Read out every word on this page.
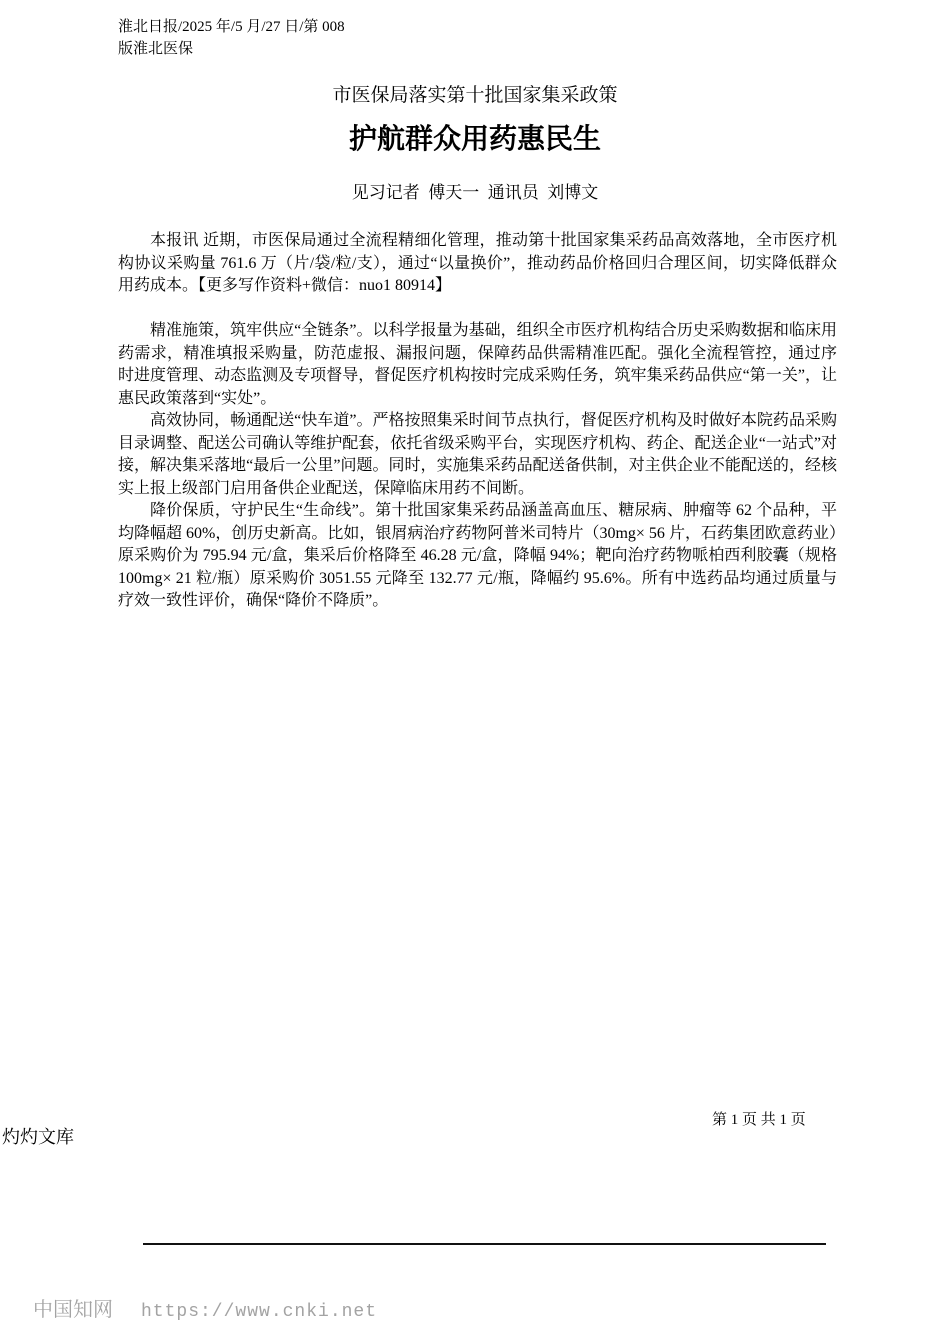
淮北日报/2025 年/5 月/27 日/第 008
版淮北医保
市医保局落实第十批国家集采政策
护航群众用药惠民生
见习记者  傅天一  通讯员  刘博文

本报讯 近期，市医保局通过全流程精细化管理，推动第十批国家集采药品高效落地，全市医疗机构协议采购量 761.6 万（片/袋/粒/支），通过“以量换价”，推动药品价格回归合理区间，切实降低群众用药成本。【更多写作资料+微信：nuo1 80914】

精准施策，筑牢供应“全链条”。以科学报量为基础，组织全市医疗机构结合历史采购数据和临床用药需求，精准填报采购量，防范虚报、漏报问题，保障药品供需精准匹配。强化全流程管控，通过序时进度管理、动态监测及专项督导，督促医疗机构按时完成采购任务，筑牢集采药品供应“第一关”，让惠民政策落到“实处”。

高效协同，畅通配送“快车道”。严格按照集采时间节点执行，督促医疗机构及时做好本院药品采购目录调整、配送公司确认等维护配套，依托省级采购平台，实现医疗机构、药企、配送企业“一站式”对接，解决集采落地“最后一公里”问题。同时，实施集采药品配送备供制，对主供企业不能配送的，经核实上报上级部门启用备供企业配送，保障临床用药不间断。

降价保质，守护民生“生命线”。第十批国家集采药品涵盖高血压、糖尿病、肿瘤等 62 个品种，平均降幅超 60%，创历史新高。比如，银屑病治疗药物阿普米司特片（30mg× 56 片，石药集团欧意药业）原采购价为 795.94 元/盒，集采后价格降至 46.28 元/盒，降幅 94%；靶向治疗药物哌柏西利胶囊（规格 100mg× 21 粒/瓶）原采购价 3051.55 元降至 132.77 元/瓶，降幅约 95.6%。所有中选药品均通过质量与疗效一致性评价，确保“降价不降质”。

第 1 页 共 1 页
灼灼文库
中国知网 https://www.cnki.net
